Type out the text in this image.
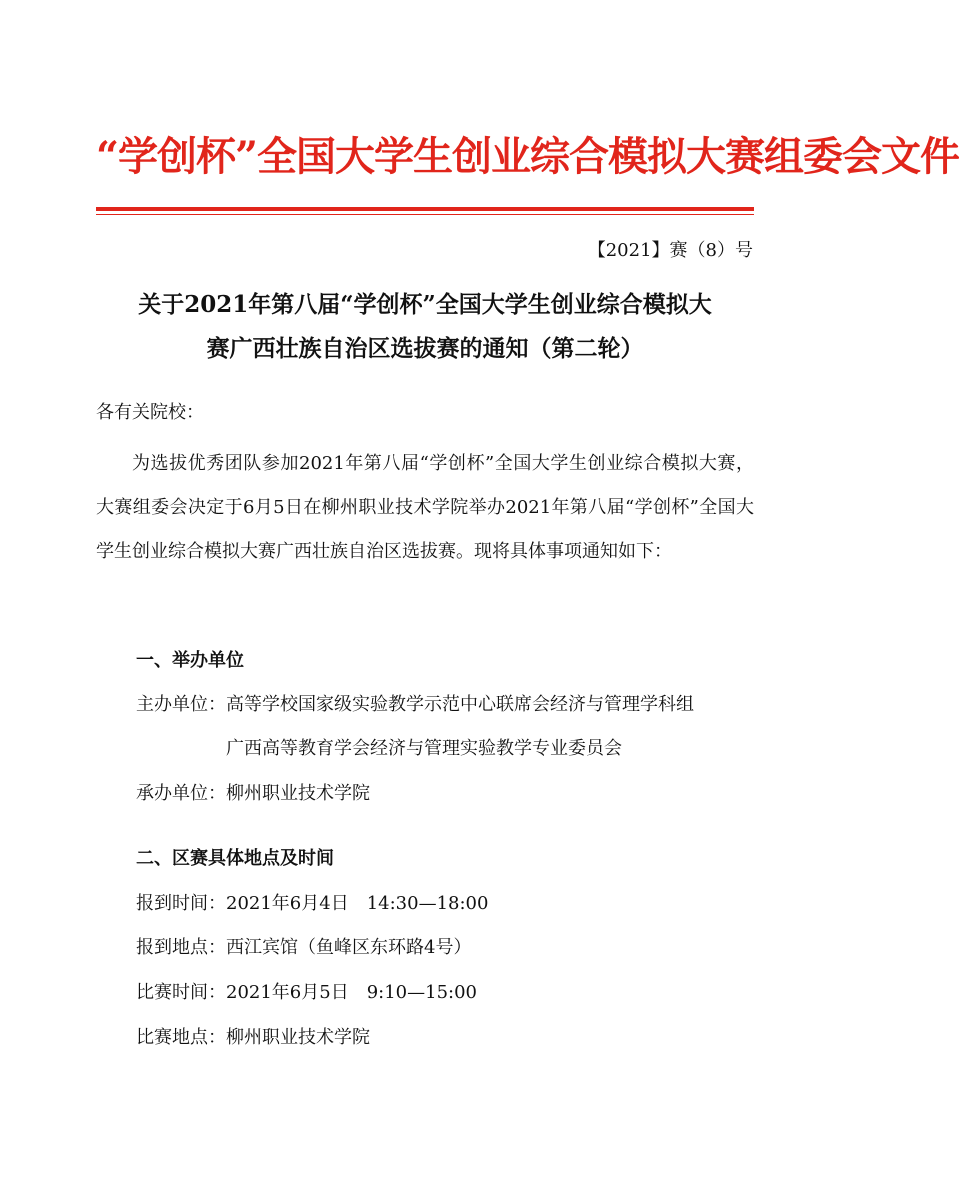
“学创杯”全国大学生创业综合模拟大赛组委会文件
【2021】赛（8）号
关于2021年第八届“学创杯”全国大学生创业综合模拟大
赛广西壮族自治区选拔赛的通知（第二轮）
各有关院校：
为选拔优秀团队参加2021年第八届“学创杯”全国大学生创业综合模拟大赛，大赛组委会决定于6月5日在柳州职业技术学院举办2021年第八届“学创杯”全国大学生创业综合模拟大赛广西壮族自治区选拔赛。现将具体事项通知如下：
一、举办单位
主办单位： 高等学校国家级实验教学示范中心联席会经济与管理学科组
广西高等教育学会经济与管理实验教学专业委员会
承办单位： 柳州职业技术学院
二、区赛具体地点及时间
报到时间：2021年6月4日　14:30—18:00
报到地点：西江宾馆（鱼峰区东环路4号）
比赛时间：2021年6月5日　9:10—15:00
比赛地点：柳州职业技术学院
